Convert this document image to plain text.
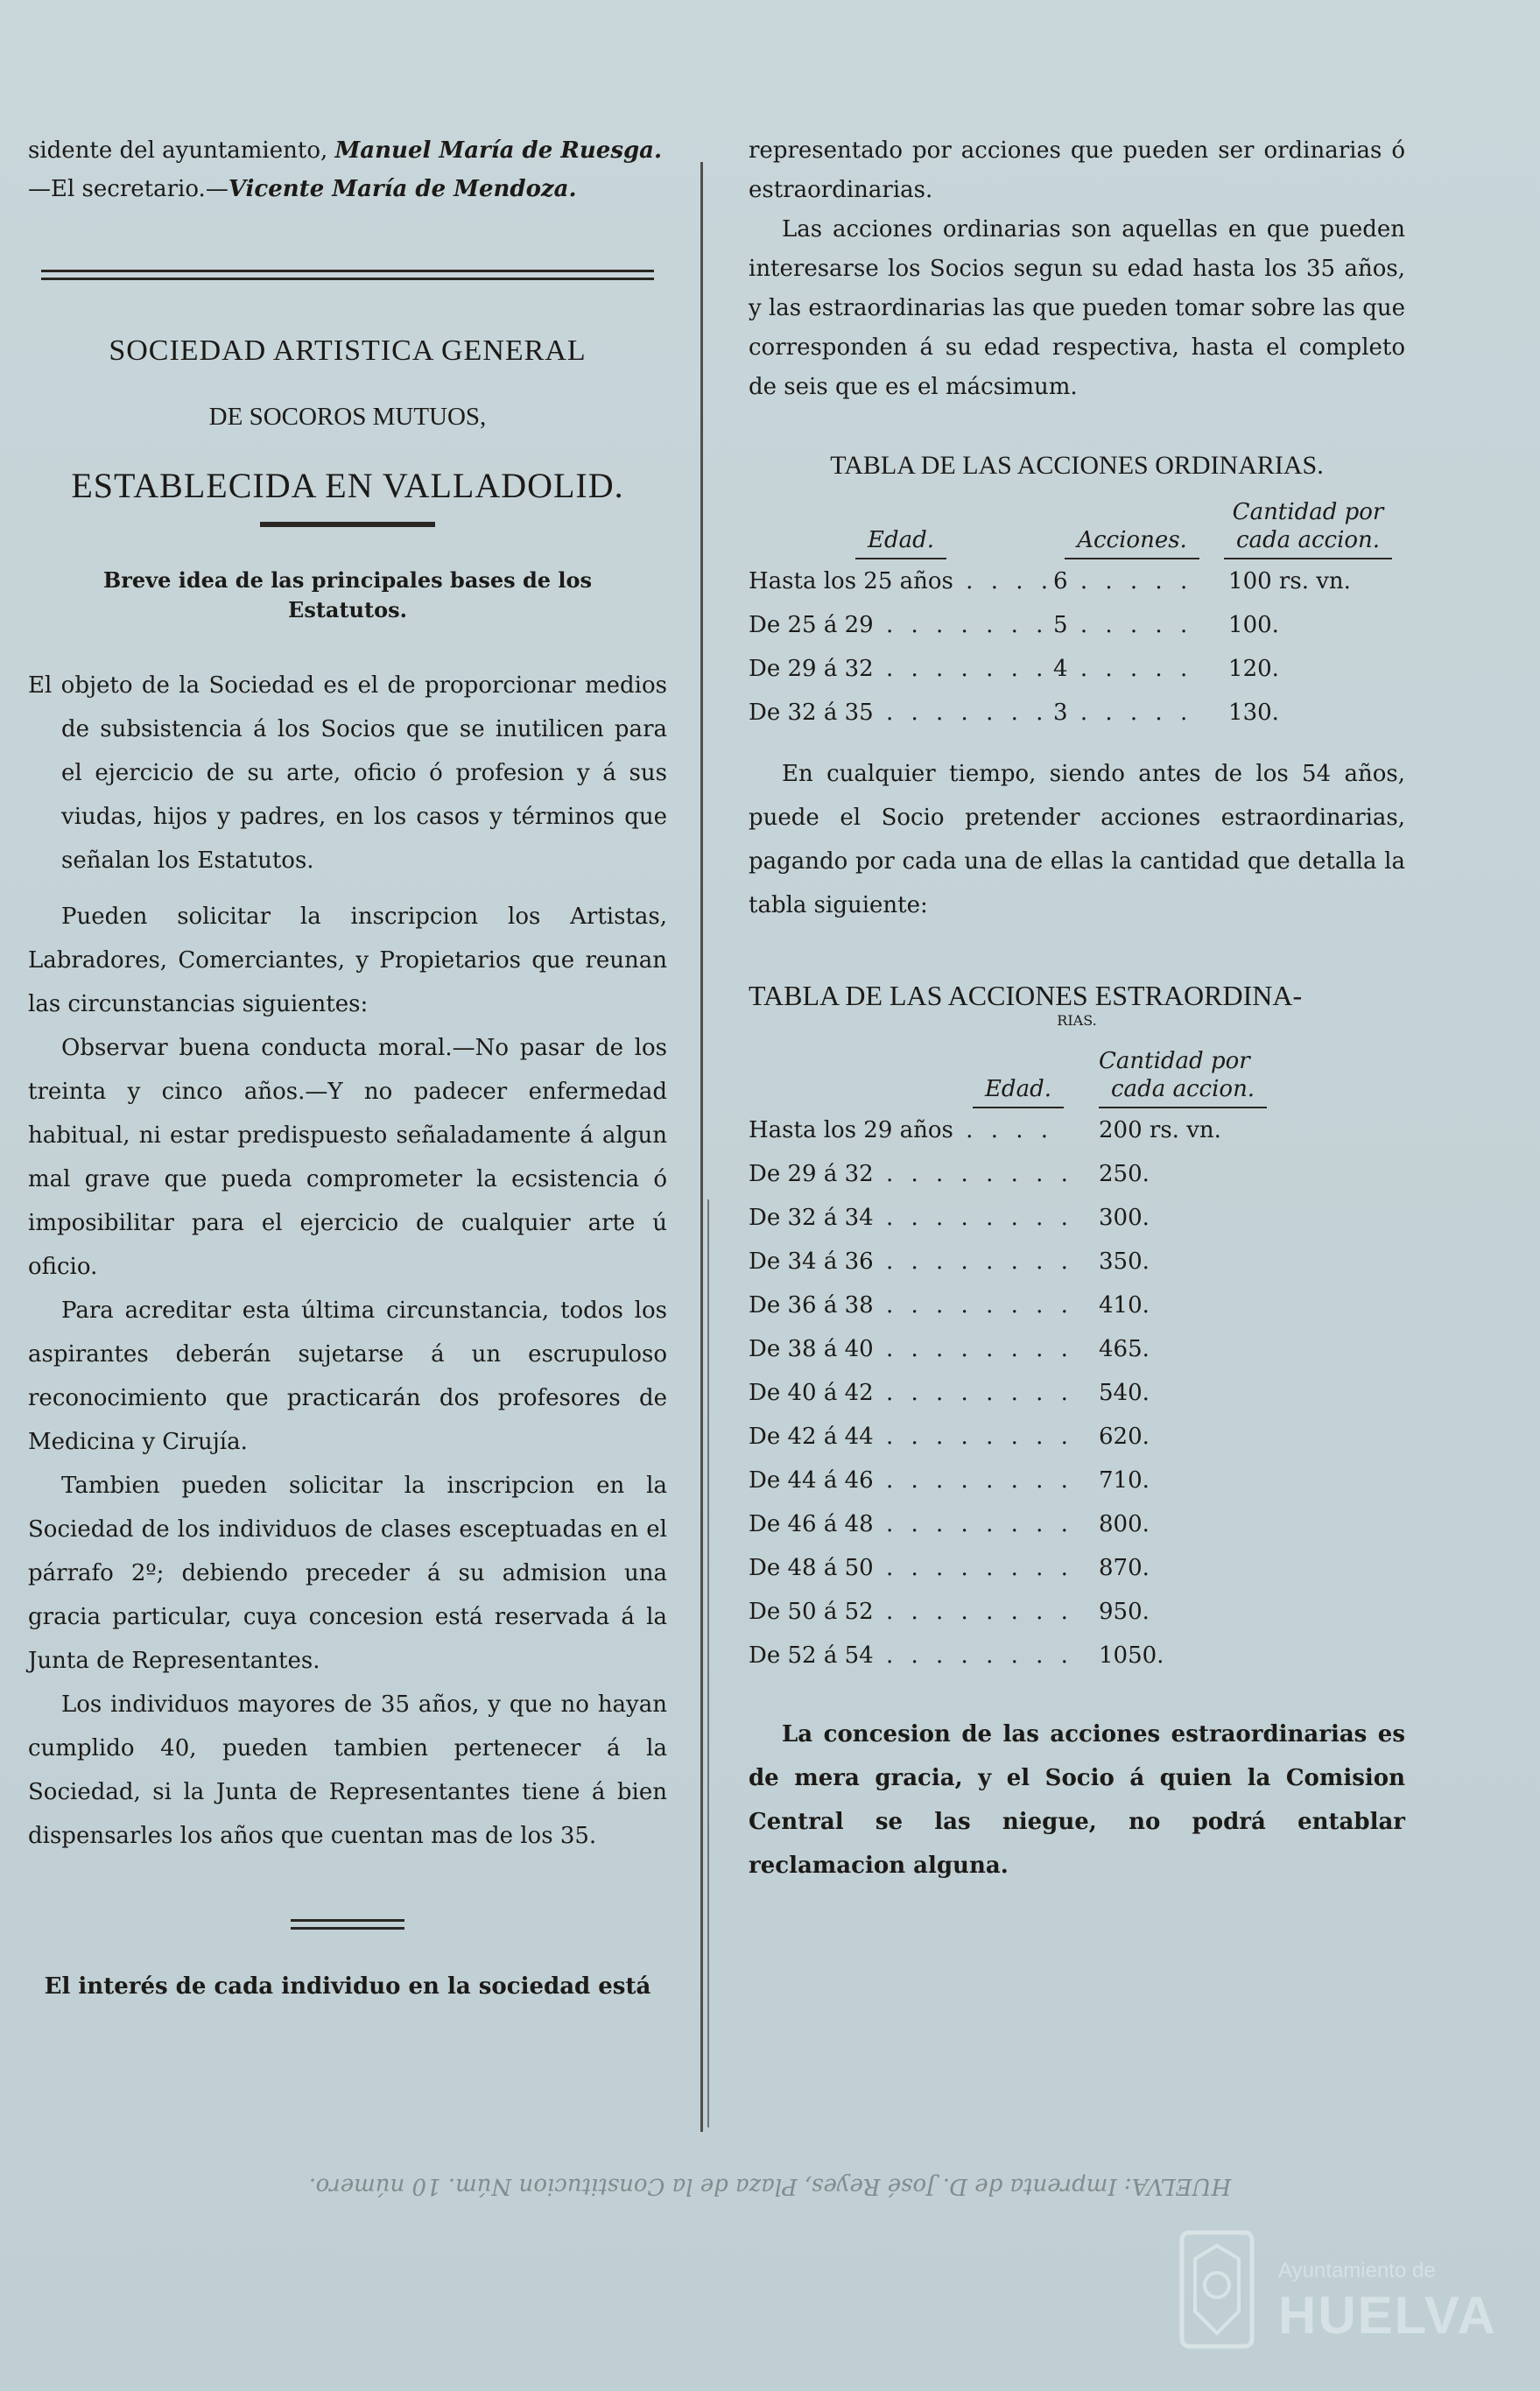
sidente del ayuntamiento, Manuel María de Ruesga.

—El secretario.—Vicente María de Mendoza.

SOCIEDAD ARTISTICA GENERAL

DE SOCOROS MUTUOS,

ESTABLECIDA EN VALLADOLID.

Breve idea de las principales bases de los Estatutos.

El objeto de la Sociedad es el de proporcionar medios de subsistencia á los Socios que se inutilicen para el ejercicio de su arte, oficio ó profesion y á sus viudas, hijos y padres, en los casos y términos que señalan los Estatutos.

Pueden solicitar la inscripcion los Artistas, Labradores, Comerciantes, y Propietarios que reunan las circunstancias siguientes:

Observar buena conducta moral.—No pasar de los treinta y cinco años.—Y no padecer enfermedad habitual, ni estar predispuesto señaladamente á algun mal grave que pueda comprometer la ecsistencia ó imposibilitar para el ejercicio de cualquier arte ú oficio.

Para acreditar esta última circunstancia, todos los aspirantes deberán sujetarse á un escrupuloso reconocimiento que practicarán dos profesores de Medicina y Cirujía.

Tambien pueden solicitar la inscripcion en la Sociedad de los individuos de clases esceptuadas en el párrafo 2º; debiendo preceder á su admision una gracia particular, cuya concesion está reservada á la Junta de Representantes.

Los individuos mayores de 35 años, y que no hayan cumplido 40, pueden tambien pertenecer á la Sociedad, si la Junta de Representantes tiene á bien dispensarles los años que cuentan mas de los 35.

El interés de cada individuo en la sociedad está

representado por acciones que pueden ser ordinarias ó estraordinarias.

Las acciones ordinarias son aquellas en que pueden interesarse los Socios segun su edad hasta los 35 años, y las estraordinarias las que pueden tomar sobre las que corresponden á su edad respectiva, hasta el completo de seis que es el mácsimum.

TABLA DE LAS ACCIONES ORDINARIAS.

Edad.	Acciones.	Cantidad por
cada accion.
Hasta los 25 años . . . .	6 . . . . .	100 rs. vn.
De 25 á 29 . . . . . . .	5 . . . . .	100.
De 29 á 32 . . . . . . .	4 . . . . .	120.
De 32 á 35 . . . . . . .	3 . . . . .	130.

En cualquier tiempo, siendo antes de los 54 años, puede el Socio pretender acciones estraordinarias, pagando por cada una de ellas la cantidad que detalla la tabla siguiente:

TABLA DE LAS ACCIONES ESTRAORDINA-

RIAS.

Edad.	Cantidad por
cada accion.
Hasta los 29 años . . . .	200 rs. vn.
De 29 á 32 . . . . . . . .	250.
De 32 á 34 . . . . . . . .	300.
De 34 á 36 . . . . . . . .	350.
De 36 á 38 . . . . . . . .	410.
De 38 á 40 . . . . . . . .	465.
De 40 á 42 . . . . . . . .	540.
De 42 á 44 . . . . . . . .	620.
De 44 á 46 . . . . . . . .	710.
De 46 á 48 . . . . . . . .	800.
De 48 á 50 . . . . . . . .	870.
De 50 á 52 . . . . . . . .	950.
De 52 á 54 . . . . . . . .	1050.

La concesion de las acciones estraordinarias es de mera gracia, y el Socio á quien la Comision Central se las niegue, no podrá entablar reclamacion alguna.

HUELVA: Imprenta de D. José Reyes, Plaza de la Constitucion Núm. 10 número.
Ayuntamiento de
HUELVA
